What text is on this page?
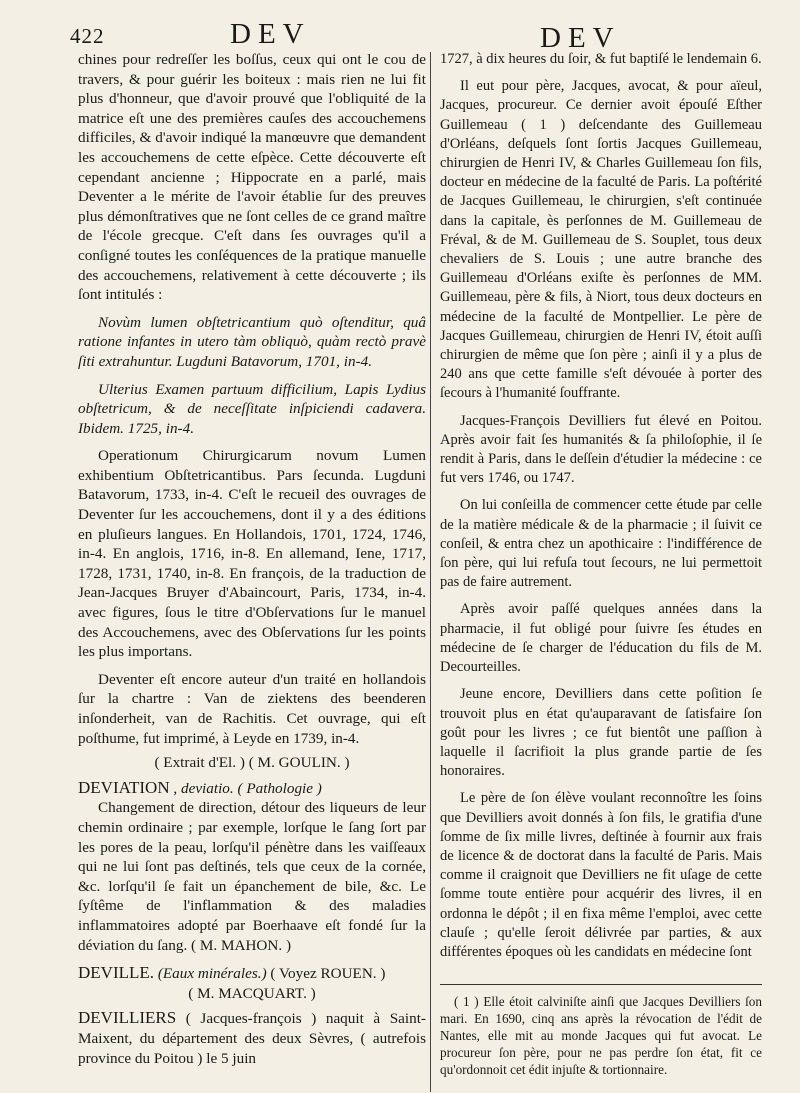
422	DEV	DEV

chines pour redreſſer les boſſus, ceux qui ont le cou de travers, & pour guérir les boiteux : mais rien ne lui fit plus d'honneur, que d'avoir prouvé que l'obliquité de la matrice eſt une des premières cauſes des accouchemens difficiles, & d'avoir indiqué la manœuvre que demandent les accouchemens de cette eſpèce. Cette découverte eſt cependant ancienne ; Hippocrate en a parlé, mais Deventer a le mérite de l'avoir établie ſur des preuves plus démonſtratives que ne ſont celles de ce grand maître de l'école grecque. C'eſt dans ſes ouvrages qu'il a conſigné toutes les conſéquences de la pratique manuelle des accouchemens, relativement à cette découverte ; ils ſont intitulés :

Novùm lumen obſtetricantium quò oſtenditur, quâ ratione infantes in utero tàm obliquò, quàm rectò pravè ſiti extrahuntur. Lugduni Batavorum, 1701, in-4.

Ulterius Examen partuum difficilium, Lapis Lydius obſtetricum, & de neceſſitate inſpiciendi cadavera. Ibidem. 1725, in-4.

Operationum Chirurgicarum novum Lumen exhibentium Obſtetricantibus. Pars ſecunda. Lugduni Batavorum, 1733, in-4. C'eſt le recueil des ouvrages de Deventer ſur les accouchemens, dont il y a des éditions en pluſieurs langues. En Hollandois, 1701, 1724, 1746, in-4. En anglois, 1716, in-8. En allemand, Iene, 1717, 1728, 1731, 1740, in-8. En françois, de la traduction de Jean-Jacques Bruyer d'Abaincourt, Paris, 1734, in-4. avec figures, ſous le titre d'Obſervations ſur le manuel des Accouchemens, avec des Obſervations ſur les points les plus importans.

Deventer eſt encore auteur d'un traité en hollandois ſur la chartre : Van de ziektens des beenderen inſonderheit, van de Rachitis. Cet ouvrage, qui eſt poſthume, fut imprimé, à Leyde en 1739, in-4.

( Extrait d'El. ) ( M. GOULIN. )

DEVIATION , deviatio. ( Pathologie )

Changement de direction, détour des liqueurs de leur chemin ordinaire ; par exemple, lorſque le ſang ſort par les pores de la peau, lorſqu'il pénètre dans les vaiſſeaux qui ne lui ſont pas deſtinés, tels que ceux de la cornée, &c. lorſqu'il ſe fait un épanchement de bile, &c. Le ſyſtême de l'inflammation & des maladies inflammatoires adopté par Boerhaave eſt fondé ſur la déviation du ſang. ( M. MAHON. )

DEVILLE. (Eaux minérales.) ( Voyez ROUEN. )

( M. MACQUART. )

DEVILLIERS ( Jacques-françois ) naquit à Saint-Maixent, du département des deux Sèvres, ( autrefois province du Poitou ) le 5 juin

1727, à dix heures du ſoir, & fut baptiſé le lendemain 6.

Il eut pour père, Jacques, avocat, & pour aïeul, Jacques, procureur. Ce dernier avoit épouſé Eſther Guillemeau ( 1 ) deſcendante des Guillemeau d'Orléans, deſquels ſont ſortis Jacques Guillemeau, chirurgien de Henri IV, & Charles Guillemeau ſon fils, docteur en médecine de la faculté de Paris. La poſtérité de Jacques Guillemeau, le chirurgien, s'eſt continuée dans la capitale, ès perſonnes de M. Guillemeau de Fréval, & de M. Guillemeau de S. Souplet, tous deux chevaliers de S. Louis ; une autre branche des Guillemeau d'Orléans exiſte ès perſonnes de MM. Guillemeau, père & fils, à Niort, tous deux docteurs en médecine de la faculté de Montpellier. Le père de Jacques Guillemeau, chirurgien de Henri IV, étoit auſſi chirurgien de même que ſon père ; ainſi il y a plus de 240 ans que cette famille s'eſt dévouée à porter des ſecours à l'humanité ſouffrante.

Jacques-François Devilliers fut élevé en Poitou. Après avoir fait ſes humanités & ſa philoſophie, il ſe rendit à Paris, dans le deſſein d'étudier la médecine : ce fut vers 1746, ou 1747.

On lui conſeilla de commencer cette étude par celle de la matière médicale & de la pharmacie ; il ſuivit ce conſeil, & entra chez un apothicaire : l'indifférence de ſon père, qui lui refuſa tout ſecours, ne lui permettoit pas de faire autrement.

Après avoir paſſé quelques années dans la pharmacie, il fut obligé pour ſuivre ſes études en médecine de ſe charger de l'éducation du fils de M. Decourteilles.

Jeune encore, Devilliers dans cette poſition ſe trouvoit plus en état qu'auparavant de ſatisfaire ſon goût pour les livres ; ce fut bientôt une paſſion à laquelle il ſacrifioit la plus grande partie de ſes honoraires.

Le père de ſon élève voulant reconnoître les ſoins que Devilliers avoit donnés à ſon fils, le gratifia d'une ſomme de ſix mille livres, deſtinée à fournir aux frais de licence & de doctorat dans la faculté de Paris. Mais comme il craignoit que Devilliers ne fit uſage de cette ſomme toute entière pour acquérir des livres, il en ordonna le dépôt ; il en fixa même l'emploi, avec cette clauſe ; qu'elle ſeroit délivrée par parties, & aux différentes époques où les candidats en médecine ſont

( 1 ) Elle étoit calviniſte ainſi que Jacques Devilliers ſon mari. En 1690, cinq ans après la révocation de l'édit de Nantes, elle mit au monde Jacques qui fut avocat. Le procureur ſon père, pour ne pas perdre ſon état, fit ce qu'ordonnoit cet édit injuſte & tortionnaire.
